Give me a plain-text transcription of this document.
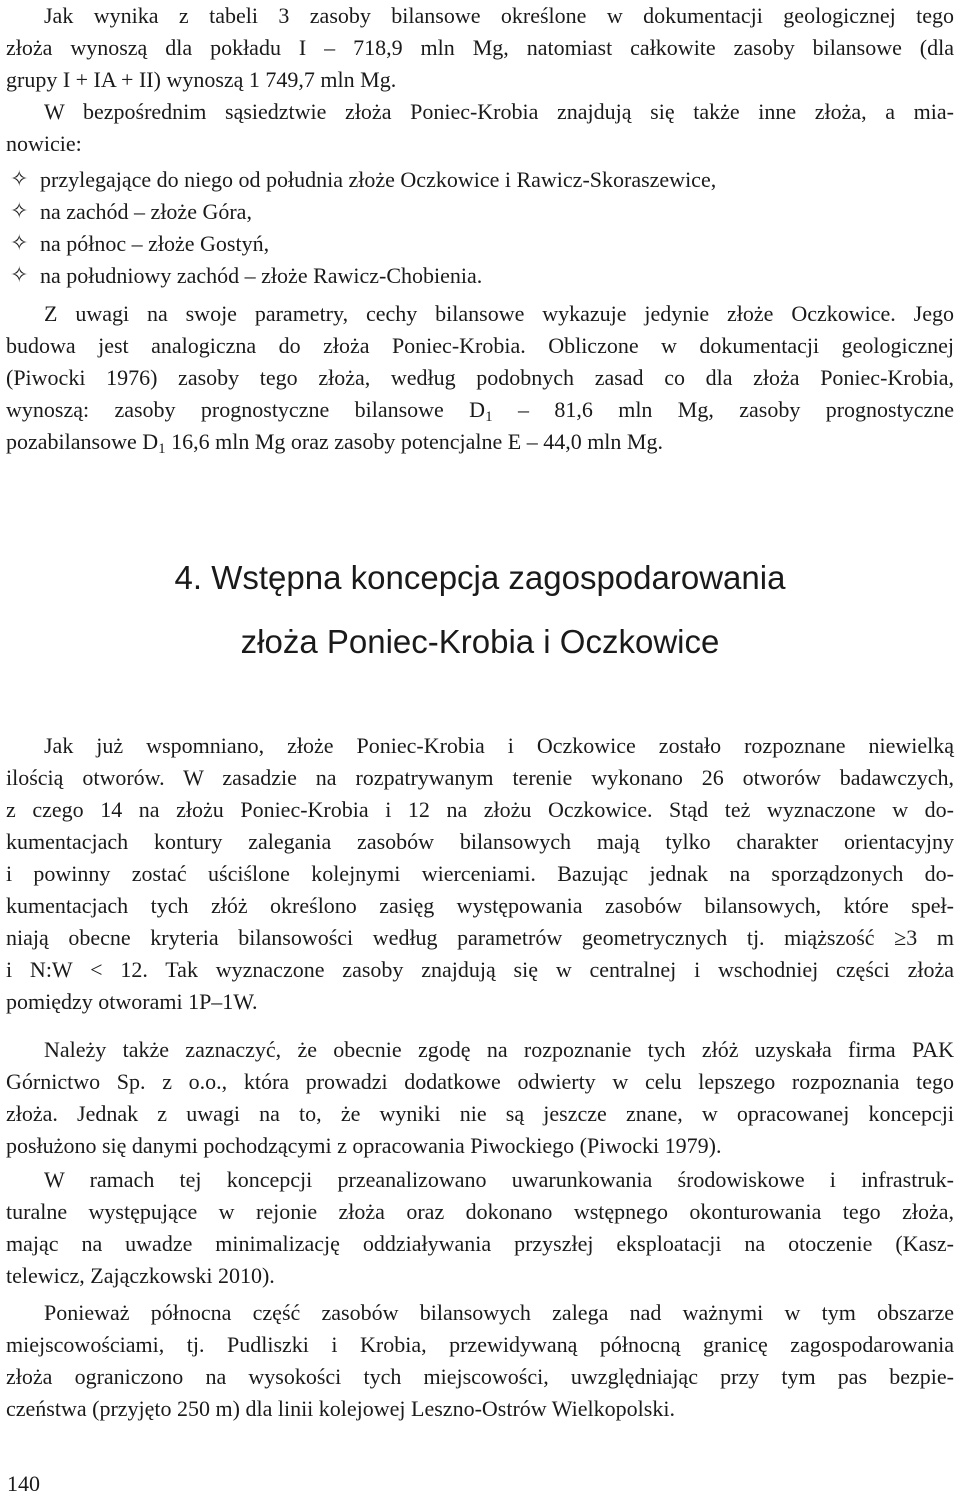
Jak wynika z tabeli 3 zasoby bilansowe określone w dokumentacji geologicznej tego
złoża wynoszą dla pokładu I – 718,9 mln Mg, natomiast całkowite zasoby bilansowe (dla
grupy I + IA + II) wynoszą 1 749,7 mln Mg.
W bezpośrednim sąsiedztwie złoża Poniec-Krobia znajdują się także inne złoża, a mia-
nowicie:
✧ przylegające do niego od południa złoże Oczkowice i Rawicz-Skoraszewice,
✧ na zachód – złoże Góra,
✧ na północ – złoże Gostyń,
✧ na południowy zachód – złoże Rawicz-Chobienia.
Z uwagi na swoje parametry, cechy bilansowe wykazuje jedynie złoże Oczkowice. Jego
budowa jest analogiczna do złoża Poniec-Krobia. Obliczone w dokumentacji geologicznej
(Piwocki 1976) zasoby tego złoża, według podobnych zasad co dla złoża Poniec-Krobia,
wynoszą: zasoby prognostyczne bilansowe $D_1 - 81,6$ mln Mg, zasoby prognostyczne
pozabilansowe $D_1$ 16,6 mln Mg oraz zasoby potencjalne E – 44,0 mln Mg.

4. Wstępna koncepcja zagospodarowania

złoża Poniec-Krobia i Oczkowice

Jak już wspomniano, złoże Poniec-Krobia i Oczkowice zostało rozpoznane niewielką
ilością otworów. W zasadzie na rozpatrywanym terenie wykonano 26 otworów badawczych,
z czego 14 na złożu Poniec-Krobia i 12 na złożu Oczkowice. Stąd też wyznaczone w do-
kumentacjach kontury zalegania zasobów bilansowych mają tylko charakter orientacyjny
i powinny zostać uściślone kolejnymi wierceniami. Bazując jednak na sporządzonych do-
kumentacjach tych złóż określono zasięg występowania zasobów bilansowych, które speł-
niają obecne kryteria bilansowości według parametrów geometrycznych tj. miąższość ≥3 m
i N:W < 12. Tak wyznaczone zasoby znajdują się w centralnej i wschodniej części złoża
pomiędzy otworami 1P–1W.
Należy także zaznaczyć, że obecnie zgodę na rozpoznanie tych złóż uzyskała firma PAK
Górnictwo Sp. z o.o., która prowadzi dodatkowe odwierty w celu lepszego rozpoznania tego
złoża. Jednak z uwagi na to, że wyniki nie są jeszcze znane, w opracowanej koncepcji
posłużono się danymi pochodzącymi z opracowania Piwockiego (Piwocki 1979).
W ramach tej koncepcji przeanalizowano uwarunkowania środowiskowe i infrastruk-
turalne występujące w rejonie złoża oraz dokonano wstępnego okonturowania tego złoża,
mając na uwadze minimalizację oddziaływania przyszłej eksploatacji na otoczenie (Kasz-
telewicz, Zajączkowski 2010).
Ponieważ północna część zasobów bilansowych zalega nad ważnymi w tym obszarze
miejscowościami, tj. Pudliszki i Krobia, przewidywaną północną granicę zagospodarowania
złoża ograniczono na wysokości tych miejscowości, uwzględniając przy tym pas bezpie-
czeństwa (przyjęto 250 m) dla linii kolejowej Leszno-Ostrów Wielkopolski.
140
